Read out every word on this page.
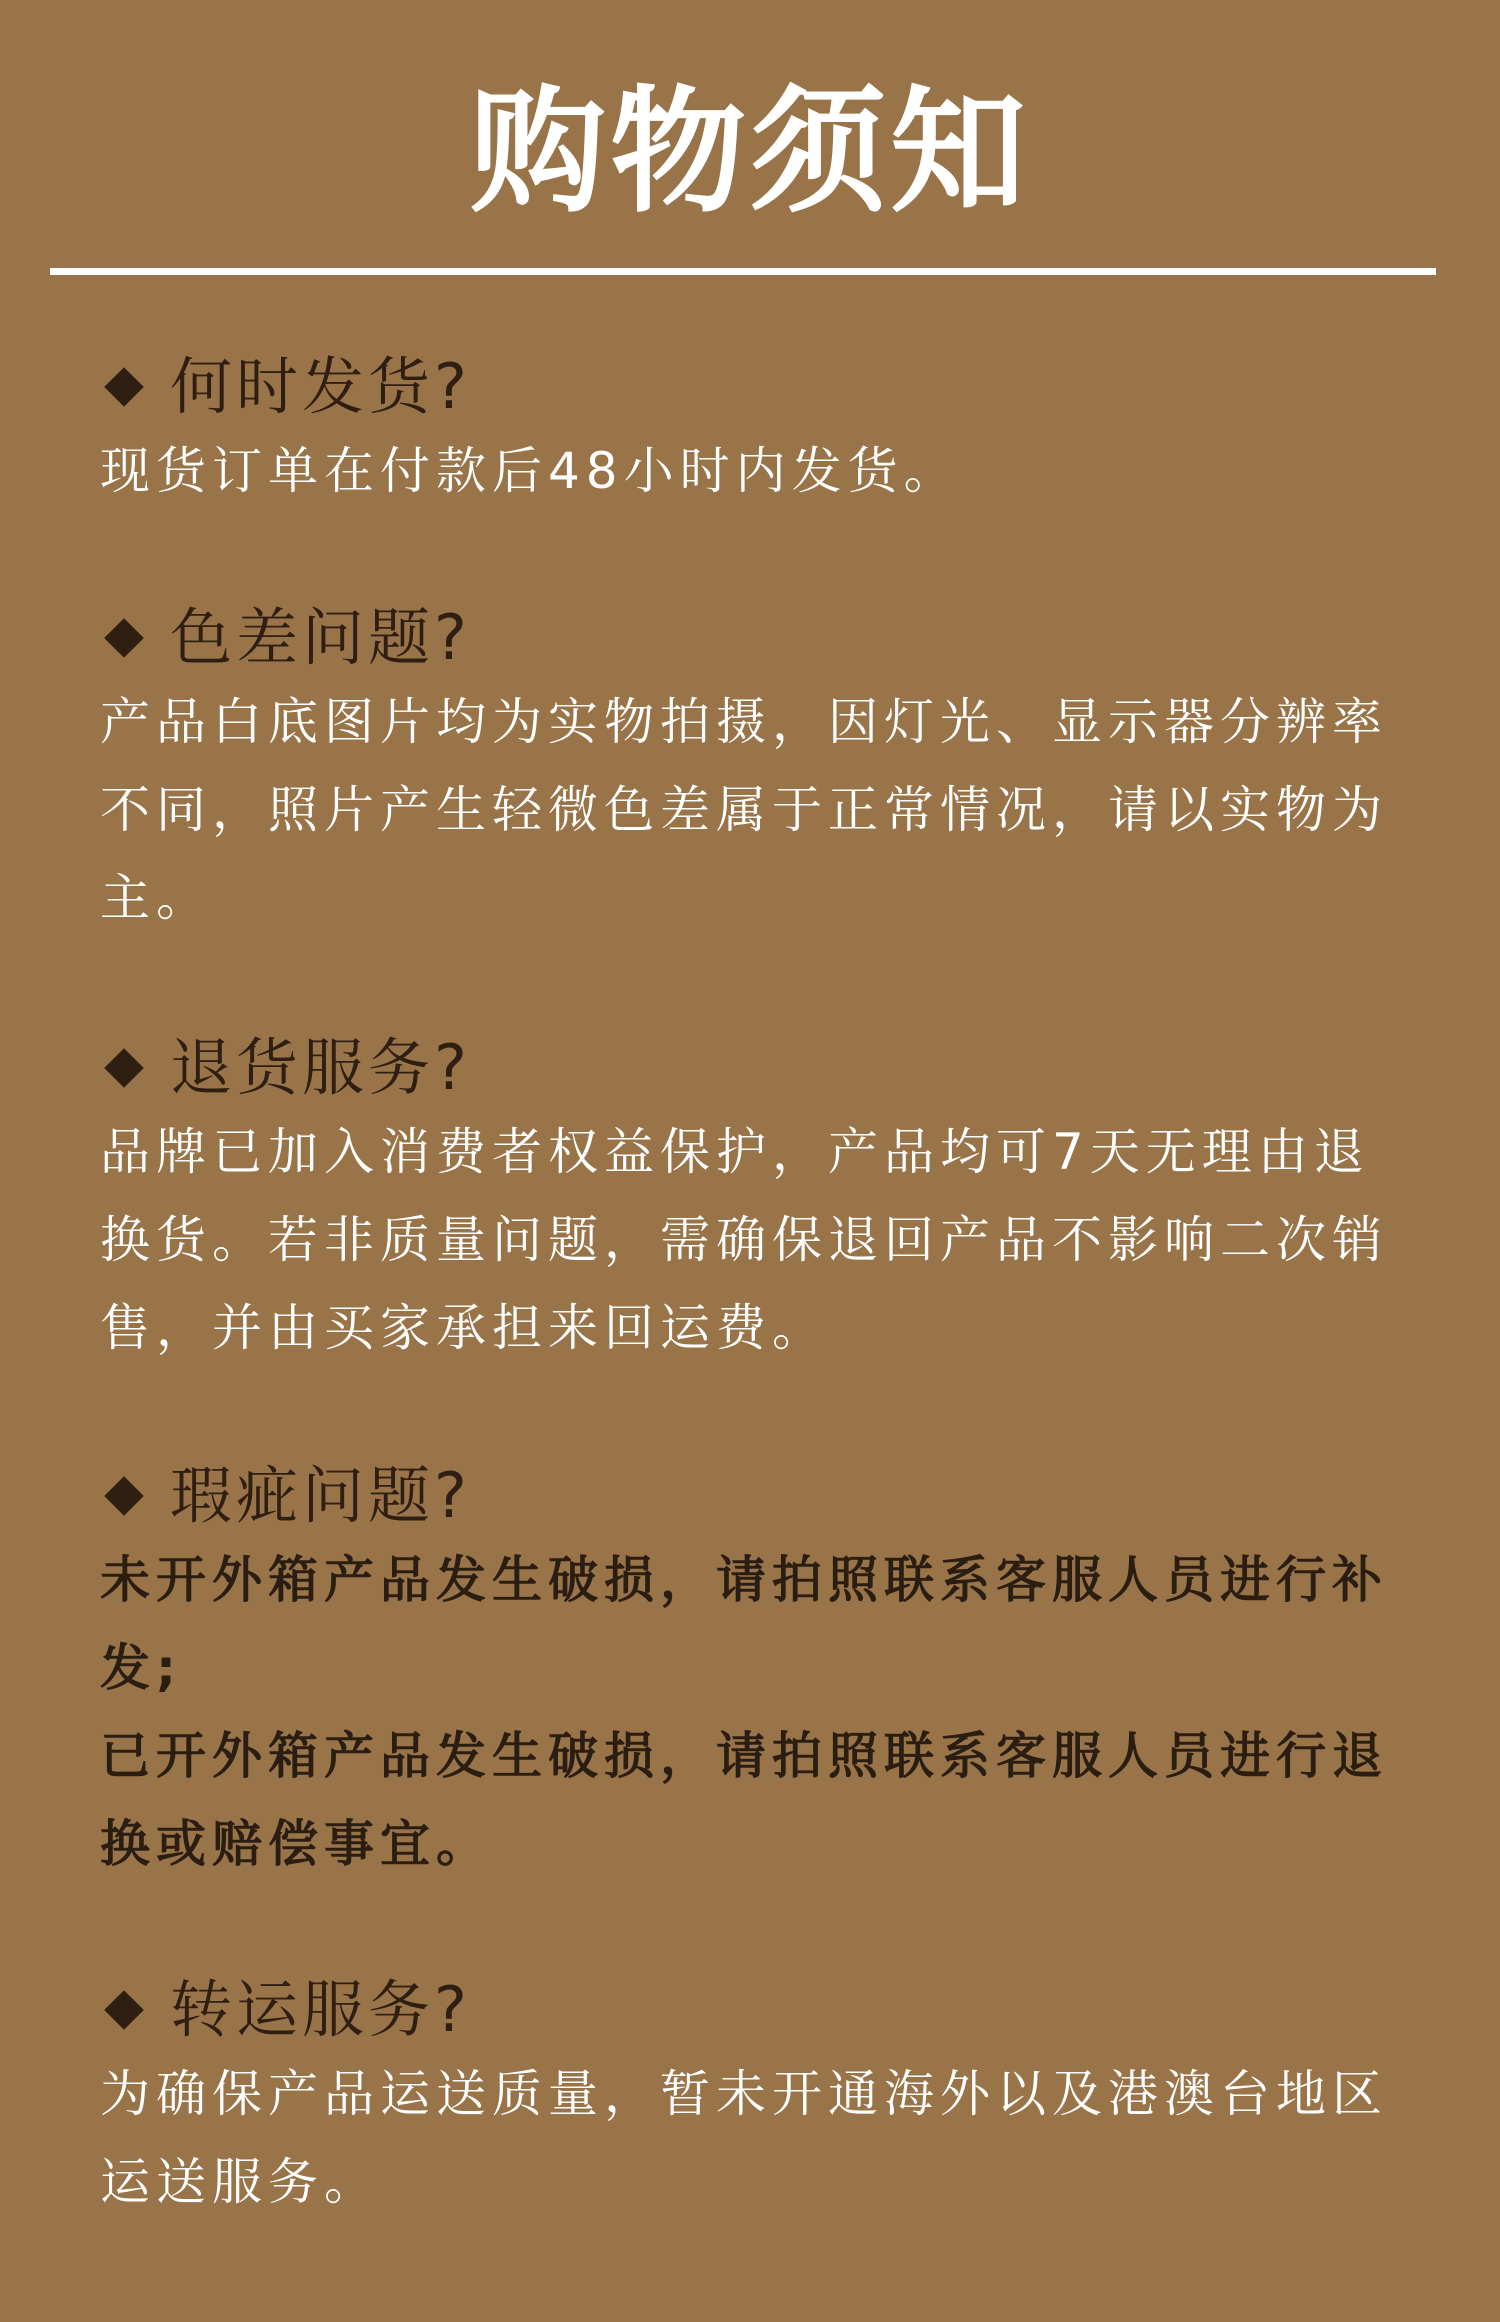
购物须知
何时发货?
现货订单在付款后48小时内发货。
色差问题?
产品白底图片均为实物拍摄，因灯光、显示器分辨率不同，照片产生轻微色差属于正常情况，请以实物为主。
退货服务?
品牌已加入消费者权益保护，产品均可7天无理由退换货。若非质量问题，需确保退回产品不影响二次销售，并由买家承担来回运费。
瑕疵问题?
未开外箱产品发生破损，请拍照联系客服人员进行补发;
已开外箱产品发生破损，请拍照联系客服人员进行退换或赔偿事宜。
转运服务?
为确保产品运送质量，暂未开通海外以及港澳台地区运送服务。
